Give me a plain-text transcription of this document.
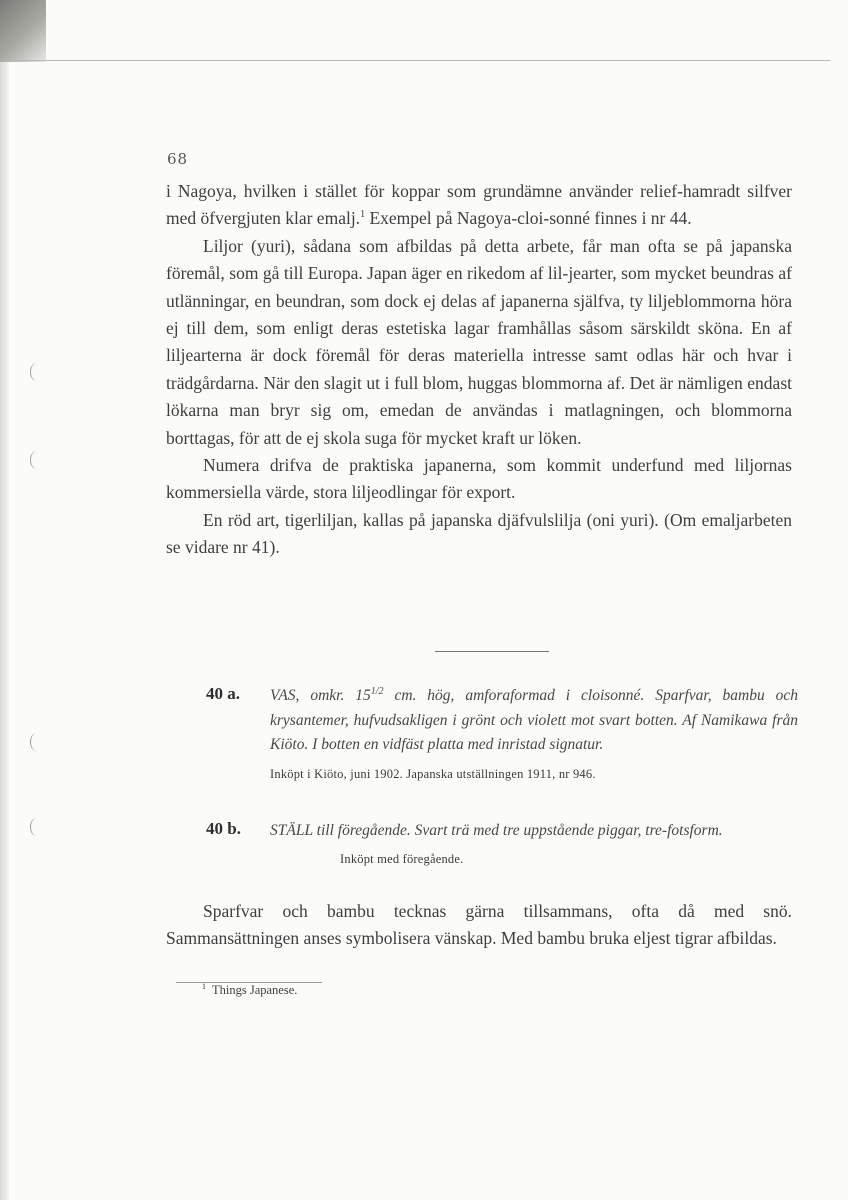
68

i Nagoya, hvilken i stället för koppar som grundämne använder relief-hamradt silfver med öfvergjuten klar emalj.$^1$ Exempel på Nagoya-cloi-sonné finnes i nr 44.

Liljor (yuri), sådana som afbildas på detta arbete, får man ofta se på japanska föremål, som gå till Europa. Japan äger en rikedom af lil-jearter, som mycket beundras af utlänningar, en beundran, som dock ej delas af japanerna själfva, ty liljeblommorna höra ej till dem, som enligt deras estetiska lagar framhållas såsom särskildt sköna. En af liljearterna är dock föremål för deras materiella intresse samt odlas här och hvar i trädgårdarna. När den slagit ut i full blom, huggas blommorna af. Det är nämligen endast lökarna man bryr sig om, emedan de användas i matlagningen, och blommorna borttagas, för att de ej skola suga för mycket kraft ur löken.

Numera drifva de praktiska japanerna, som kommit underfund med liljornas kommersiella värde, stora liljeodlingar för export.

En röd art, tigerliljan, kallas på japanska djäfvulslilja (oni yuri). (Om emaljarbeten se vidare nr 41).

40 a. VAS, omkr. $15^{1/2}$ cm. hög, amforaformad i cloisonné. Sparfvar, bambu och krysantemer, hufvudsakligen i grönt och violett mot svart botten. Af Namikawa från Kiöto. I botten en vidfäst platta med inristad signatur.
Inköpt i Kiöto, juni 1902. Japanska utställningen 1911, nr 946.
40 b. STÄLL till föregående. Svart trä med tre uppstående piggar, tre-fotsform.
Inköpt med föregående.

Sparfvar och bambu tecknas gärna tillsammans, ofta då med snö. Sammansättningen anses symbolisera vänskap. Med bambu bruka eljest tigrar afbildas.

$^1$ Things Japanese.
